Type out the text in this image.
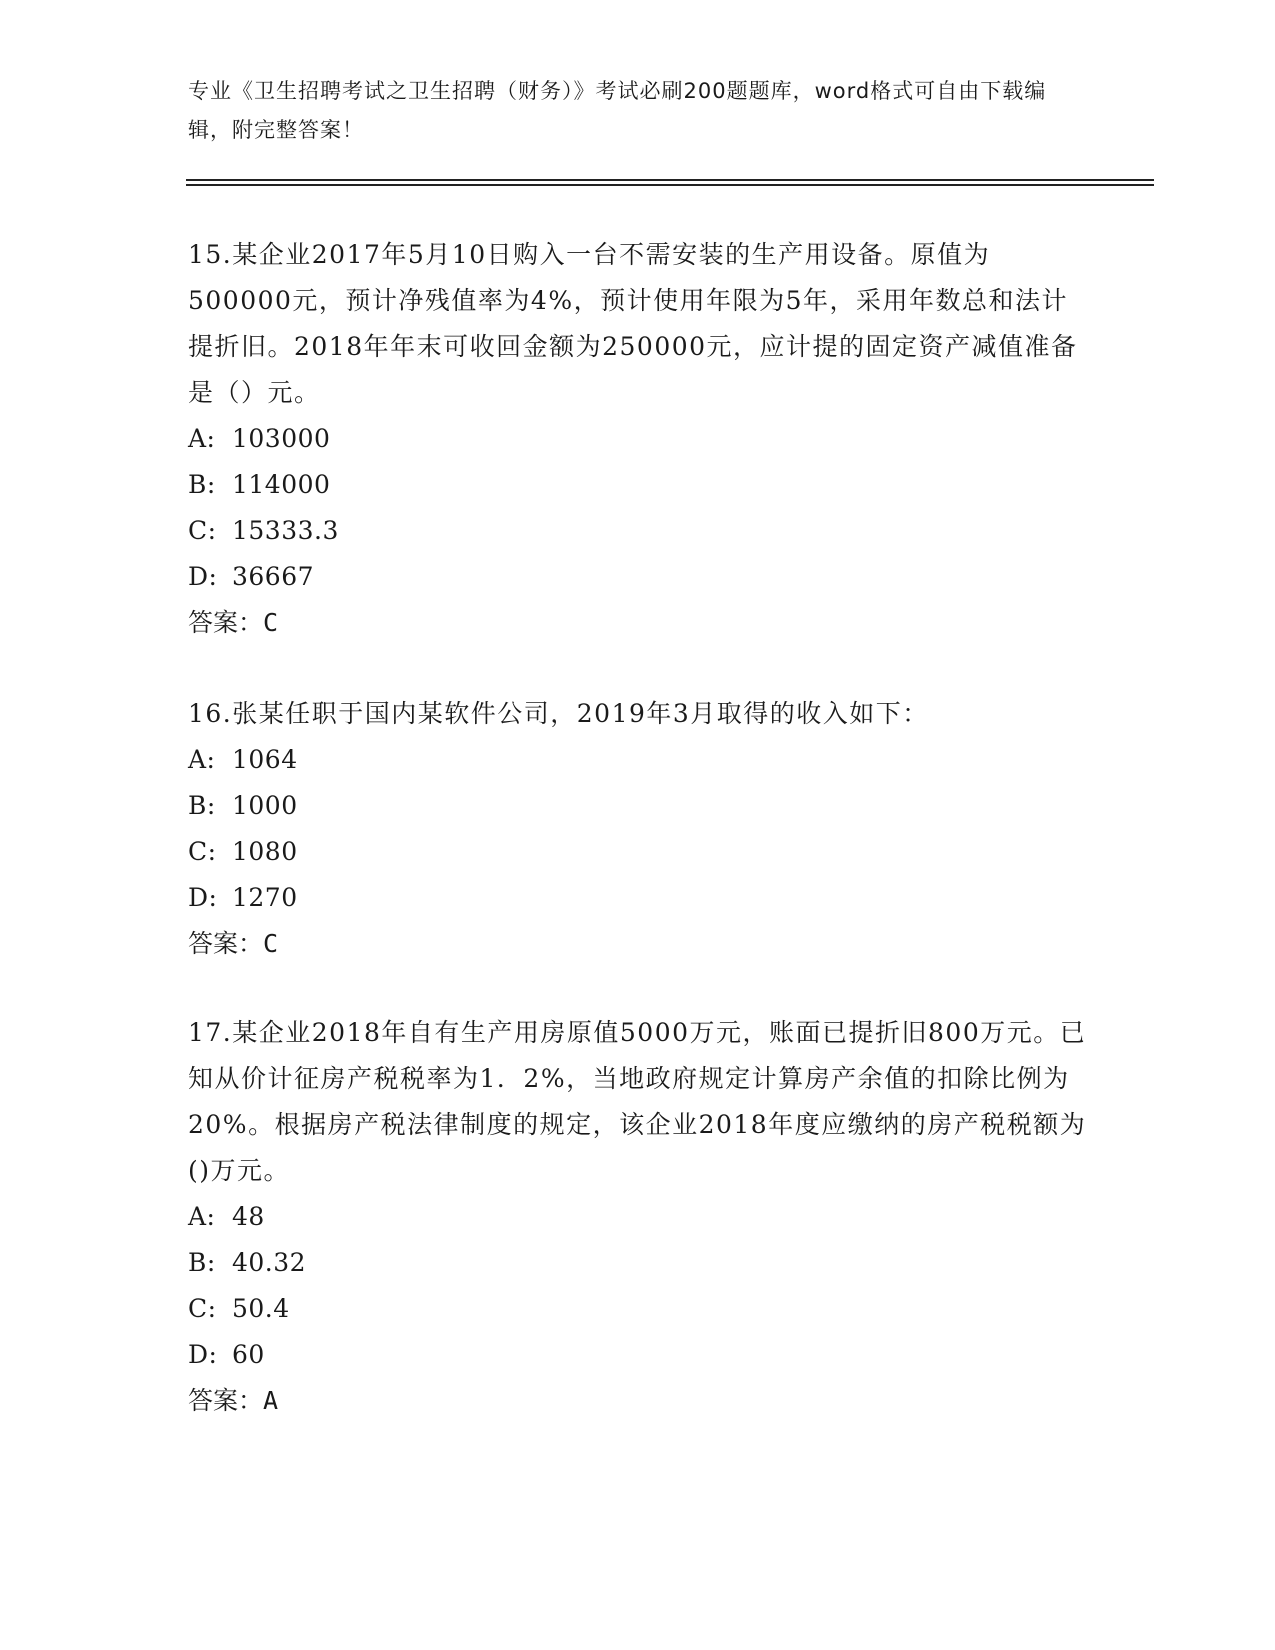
专业《卫生招聘考试之卫生招聘（财务）》考试必刷200题题库，word格式可自由下载编辑，附完整答案！

15.某企业2017年5月10日购入一台不需安装的生产用设备。原值为500000元，预计净残值率为4%，预计使用年限为5年，采用年数总和法计提折旧。2018年年末可收回金额为250000元，应计提的固定资产减值准备是（）元。

A: 103000
B: 114000
C: 15333.3
D: 36667
答案：C

16.张某任职于国内某软件公司，2019年3月取得的收入如下：

A: 1064
B: 1000
C: 1080
D: 1270
答案：C

17.某企业2018年自有生产用房原值5000万元，账面已提折旧800万元。已知从价计征房产税税率为1．2%，当地政府规定计算房产余值的扣除比例为20%。根据房产税法律制度的规定，该企业2018年度应缴纳的房产税税额为()万元。

A: 48
B: 40.32
C: 50.4
D: 60
答案：A
